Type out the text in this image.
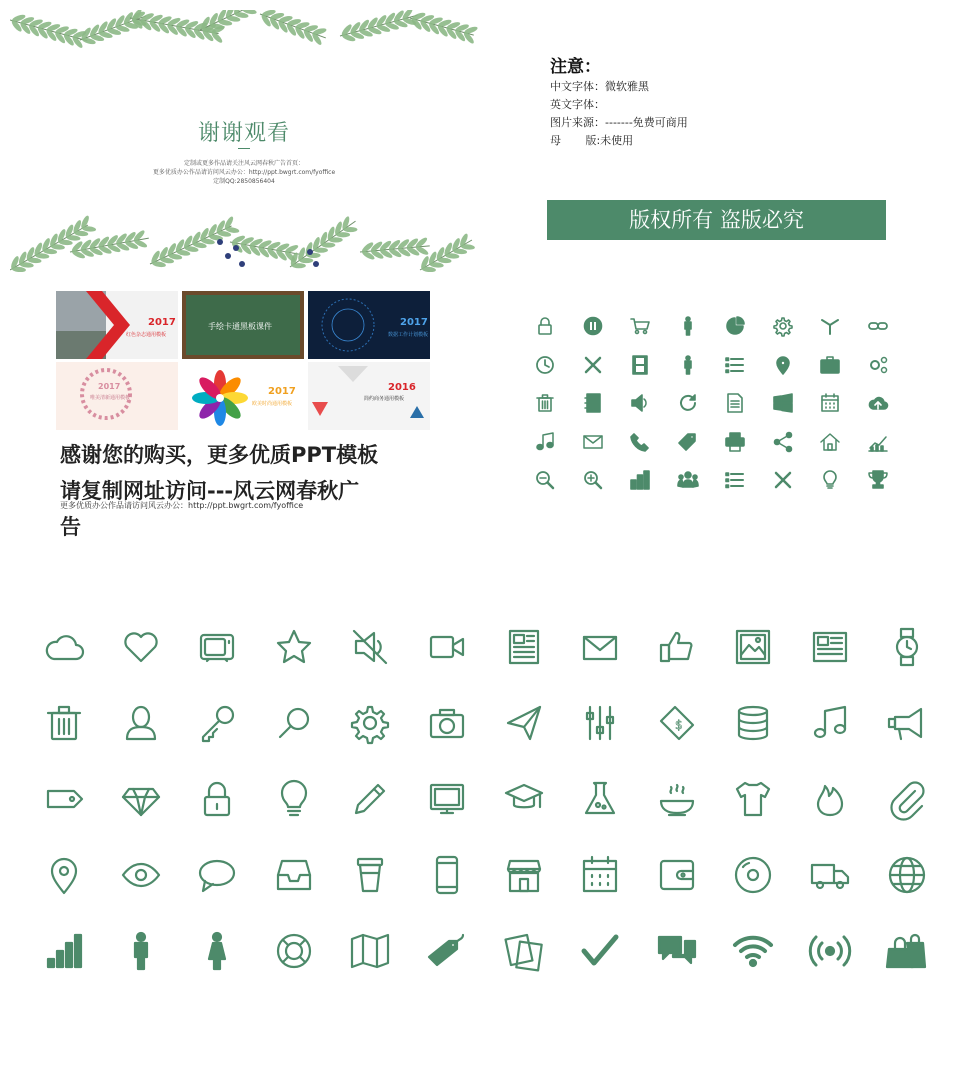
谢谢观看
定制或更多作品请关注风云网春秋广告首页：
更多优质办公作品请访问风云办公：http://ppt.bwgrt.com/fyoffice
定制QQ:2850856404
注意：
中文字体：微软雅黑
英文字体：
图片来源：-------免费可商用
母       版:未使用
版权所有 盗版必究
2017
红色杂志通用模板
手绘卡通黑板课件	2017
数据工作计划模板
2017
唯美清新通用模板
2017
欧美时尚通用模板
2016
简约商务通用模板
感谢您的购买，更多优质PPT模板
请复制网址访问---风云网春秋广
更多优质办公作品请访问风云办公：http://ppt.bwgrt.com/fyoffice
告
$
